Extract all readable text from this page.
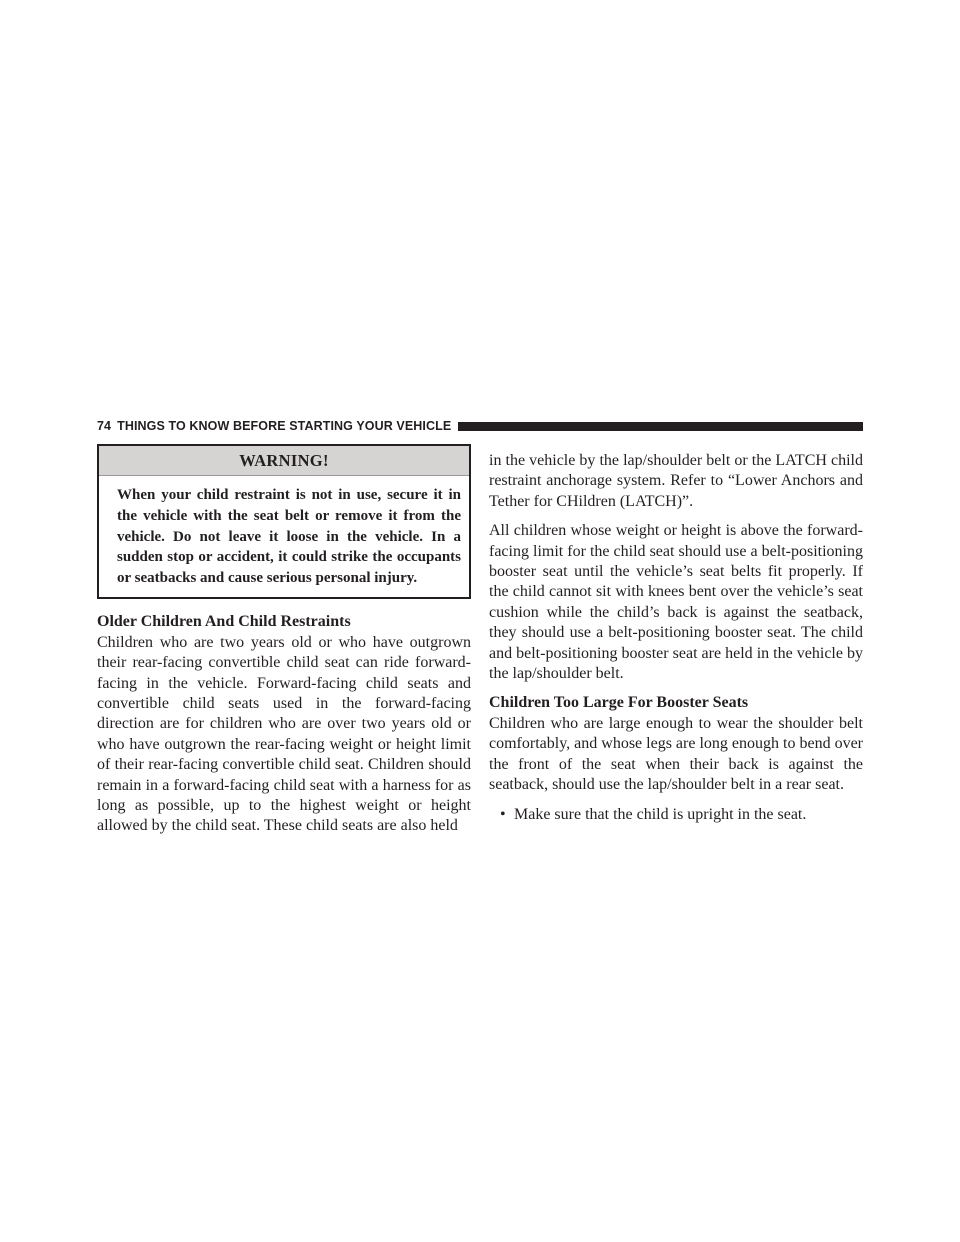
74 THINGS TO KNOW BEFORE STARTING YOUR VEHICLE
WARNING!
When your child restraint is not in use, secure it in the vehicle with the seat belt or remove it from the vehicle. Do not leave it loose in the vehicle. In a sudden stop or accident, it could strike the occupants or seatbacks and cause serious personal injury.
Older Children And Child Restraints

Children who are two years old or who have outgrown their rear-facing convertible child seat can ride forward-facing in the vehicle. Forward-facing child seats and convertible child seats used in the forward-facing direction are for children who are over two years old or who have outgrown the rear-facing weight or height limit of their rear-facing convertible child seat. Children should remain in a forward-facing child seat with a harness for as long as possible, up to the highest weight or height allowed by the child seat. These child seats are also held

in the vehicle by the lap/shoulder belt or the LATCH child restraint anchorage system. Refer to “Lower Anchors and Tether for CHildren (LATCH)”.

All children whose weight or height is above the forward-facing limit for the child seat should use a belt-positioning booster seat until the vehicle’s seat belts fit properly. If the child cannot sit with knees bent over the vehicle’s seat cushion while the child’s back is against the seatback, they should use a belt-positioning booster seat. The child and belt-positioning booster seat are held in the vehicle by the lap/shoulder belt.

Children Too Large For Booster Seats

Children who are large enough to wear the shoulder belt comfortably, and whose legs are long enough to bend over the front of the seat when their back is against the seatback, should use the lap/shoulder belt in a rear seat.

• Make sure that the child is upright in the seat.
